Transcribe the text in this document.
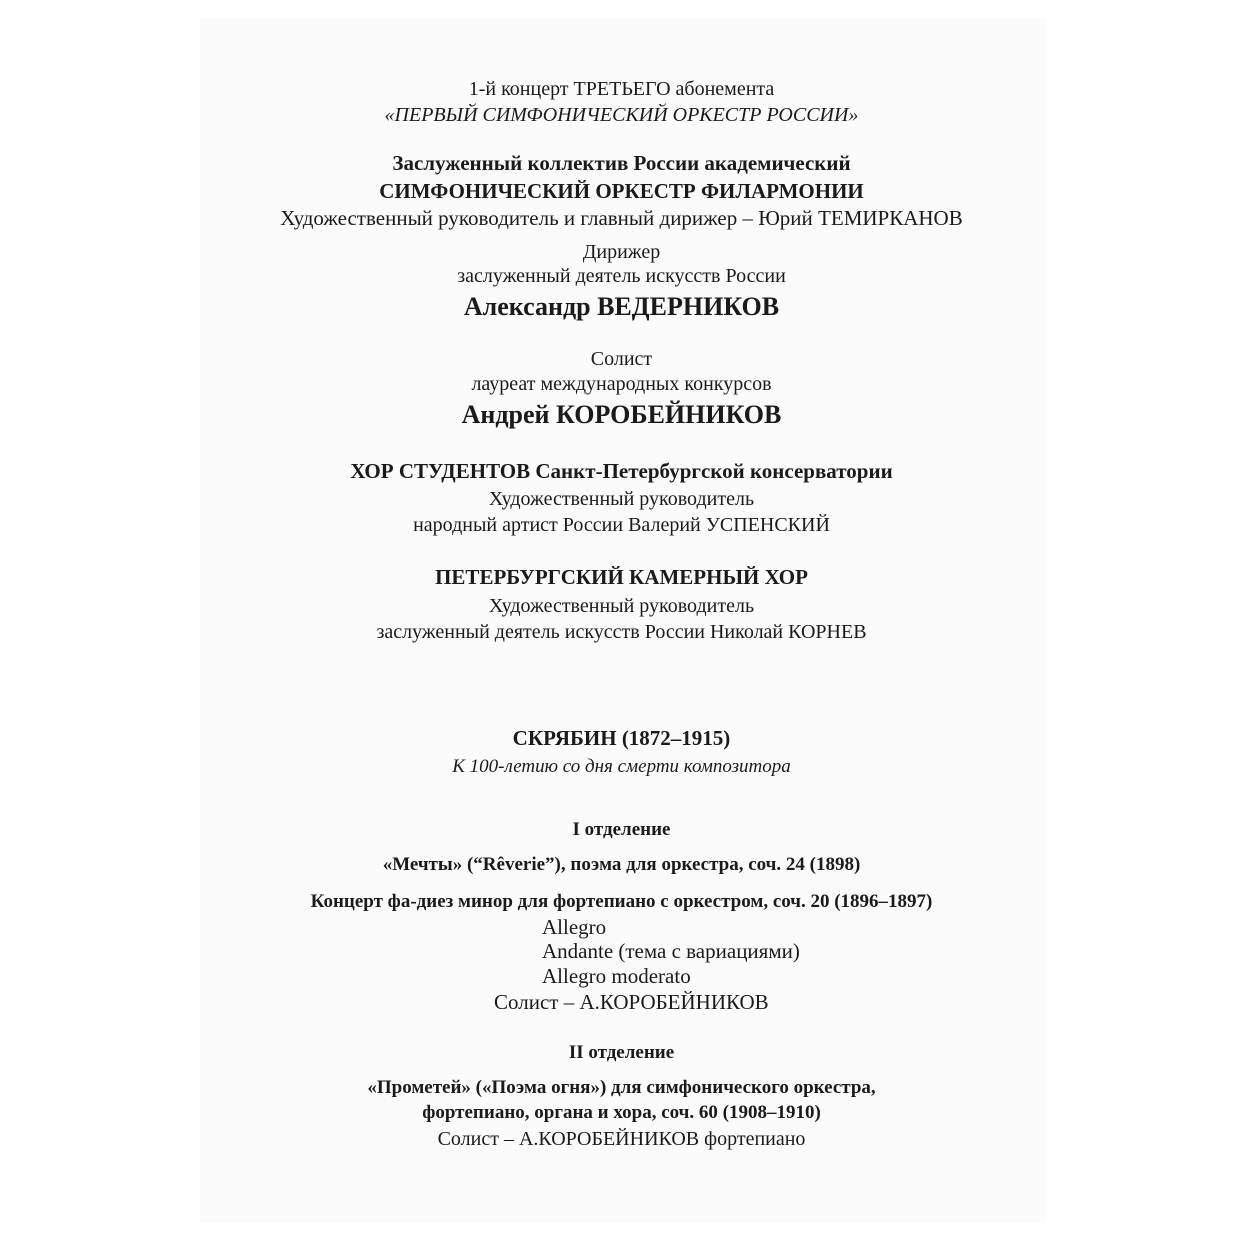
1-й концерт ТРЕТЬЕГО абонемента
«ПЕРВЫЙ СИМФОНИЧЕСКИЙ ОРКЕСТР РОССИИ»
Заслуженный коллектив России академический
СИМФОНИЧЕСКИЙ ОРКЕСТР ФИЛАРМОНИИ
Художественный руководитель и главный дирижер – Юрий ТЕМИРКАНОВ
Дирижер
заслуженный деятель искусств России
Александр ВЕДЕРНИКОВ
Солист
лауреат международных конкурсов
Андрей КОРОБЕЙНИКОВ
ХОР СТУДЕНТОВ Санкт-Петербургской консерватории
Художественный руководитель
народный артист России Валерий УСПЕНСКИЙ
ПЕТЕРБУРГСКИЙ КАМЕРНЫЙ ХОР
Художественный руководитель
заслуженный деятель искусств России Николай КОРНЕВ
СКРЯБИН (1872–1915)
К 100-летию со дня смерти композитора
I отделение
«Мечты» (“Rêverie”), поэма для оркестра, соч. 24 (1898)
Концерт фа-диез минор для фортепиано с оркестром, соч. 20 (1896–1897)
Allegro
Andante (тема с вариациями)
Allegro moderato
Солист – А.КОРОБЕЙНИКОВ
II отделение
«Прометей» («Поэма огня») для симфонического оркестра,
фортепиано, органа и хора, соч. 60 (1908–1910)
Солист – А.КОРОБЕЙНИКОВ фортепиано
